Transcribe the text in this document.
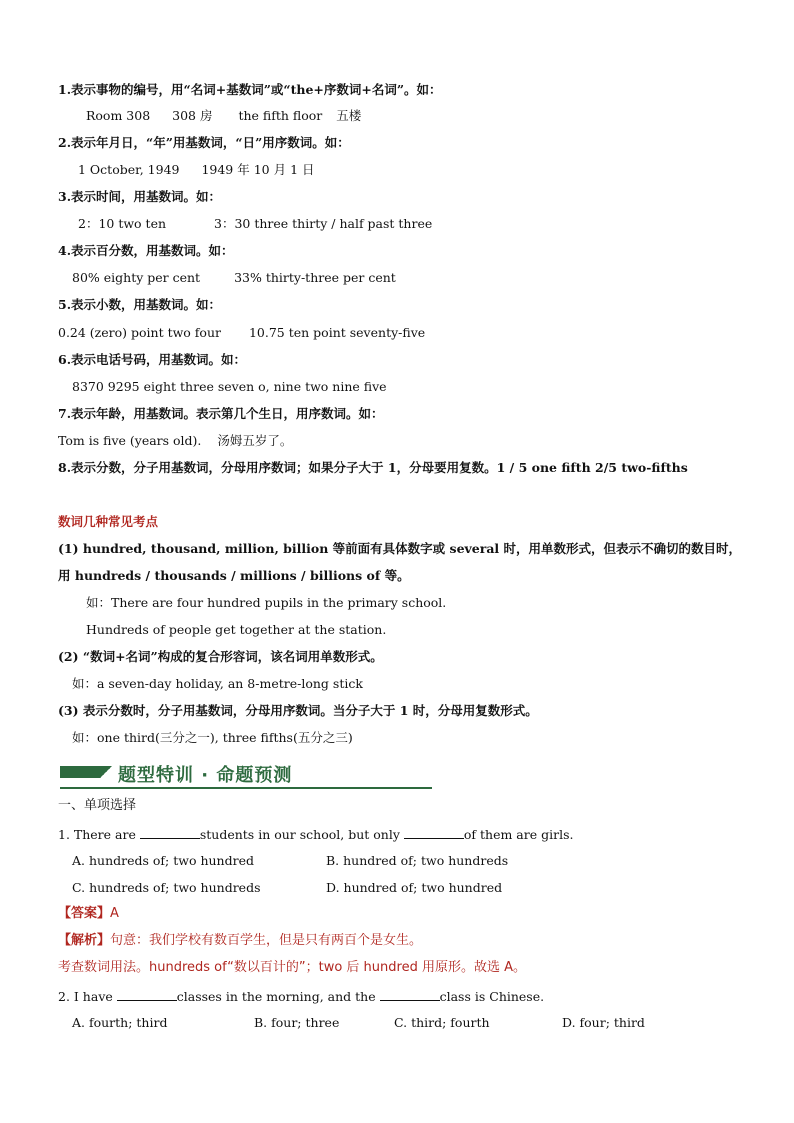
1.表示事物的编号，用“名词+基数词”或“the+序数词+名词”。如：
Room 308 308 房 the fifth floor 五楼
2.表示年月日，“年”用基数词，“日”用序数词。如：
1 October, 1949 1949 年 10 月 1 日
3.表示时间，用基数词。如：
2：10 two ten	3：30 three thirty / half past three
4.表示百分数，用基数词。如：
80% eighty per cent	33% thirty-three per cent
5.表示小数，用基数词。如：
0.24 (zero) point two four 10.75 ten point seventy-five
6.表示电话号码，用基数词。如：
8370 9295 eight three seven o, nine two nine five
7.表示年龄，用基数词。表示第几个生日，用序数词。如：
Tom is five (years old). 汤姆五岁了。
8.表示分数，分子用基数词，分母用序数词；如果分子大于 1，分母要用复数。1 / 5 one fifth 2/5 two-fifths
数词几种常见考点
(1) hundred, thousand, million, billion 等前面有具体数字或 several 时，用单数形式，但表示不确切的数目时，
用 hundreds / thousands / millions / billions of 等。
如：There are four hundred pupils in the primary school.
Hundreds of people get together at the station.
(2) “数词+名词”构成的复合形容词，该名词用单数形式。
如：a seven-day holiday, an 8-metre-long stick
(3) 表示分数时，分子用基数词，分母用序数词。当分子大于 1 时，分母用复数形式。
如：one third(三分之一), three fifths(五分之三)
题型特训 · 命题预测
一、单项选择
1. There are	students in our school, but only	of them are girls.
A. hundreds of; two hundred	B. hundred of; two hundreds
C. hundreds of; two hundreds	D. hundred of; two hundred
【答案】A
【解析】句意：我们学校有数百学生，但是只有两百个是女生。
考查数词用法。hundreds of“数以百计的”；two 后 hundred 用原形。故选 A。
2. I have	classes in the morning, and the	class is Chinese.
A. fourth; third	B. four; three	C. third; fourth	D. four; third
